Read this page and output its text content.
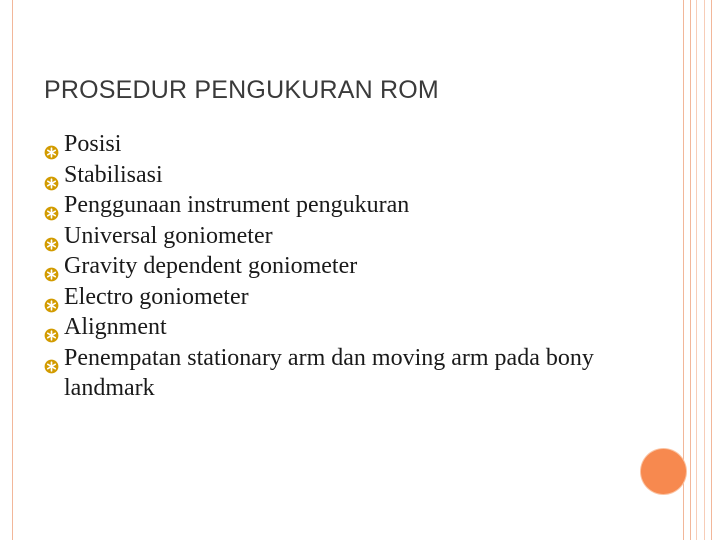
PROSEDUR PENGUKURAN ROM
Posisi
Stabilisasi
Penggunaan instrument pengukuran
Universal goniometer
Gravity dependent goniometer
Electro goniometer
Alignment
Penempatan stationary arm dan moving arm pada bony landmark
